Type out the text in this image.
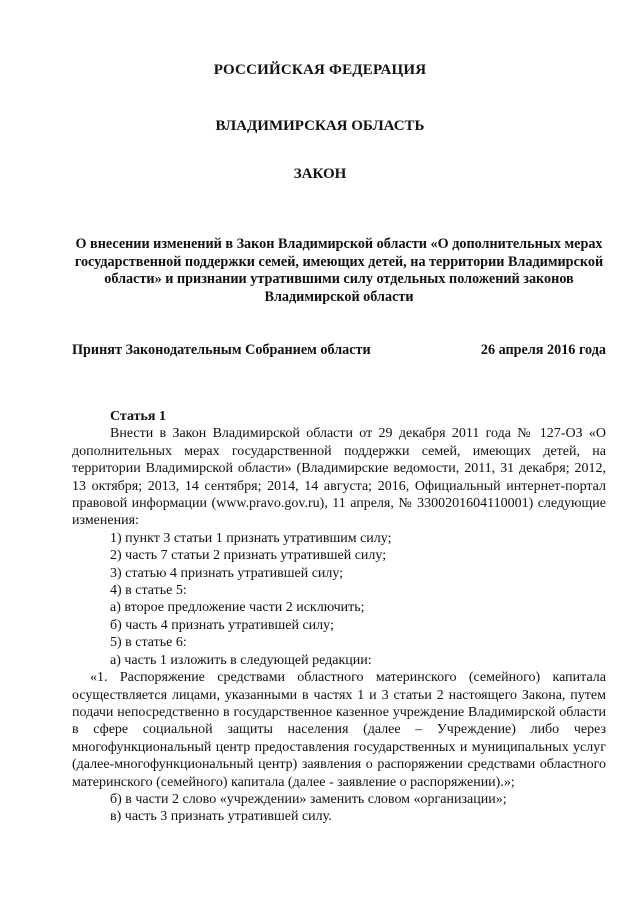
РОССИЙСКАЯ ФЕДЕРАЦИЯ
ВЛАДИМИРСКАЯ ОБЛАСТЬ
ЗАКОН
О внесении изменений в Закон Владимирской области «О дополнительных мерах государственной поддержки семей, имеющих детей, на территории Владимирской области» и признании утратившими силу отдельных положений законов Владимирской области
Принят Законодательным Собранием области	26 апреля 2016 года
Статья 1
Внести в Закон Владимирской области от 29 декабря 2011 года № 127-ОЗ «О дополнительных мерах государственной поддержки семей, имеющих детей, на территории Владимирской области» (Владимирские ведомости, 2011, 31 декабря; 2012, 13 октября; 2013, 14 сентября; 2014, 14 августа; 2016, Официальный интернет-портал правовой информации (www.pravo.gov.ru), 11 апреля, № 3300201604110001) следующие изменения:
1) пункт 3 статьи 1 признать утратившим силу;
2) часть 7 статьи 2 признать утратившей силу;
3) статью 4 признать утратившей силу;
4) в статье 5:
а) второе предложение части 2 исключить;
б) часть 4 признать утратившей силу;
5) в статье 6:
а) часть 1 изложить в следующей редакции:
«1. Распоряжение средствами областного материнского (семейного) капитала осуществляется лицами, указанными в частях 1 и 3 статьи 2 настоящего Закона, путем подачи непосредственно в государственное казенное учреждение Владимирской области в сфере социальной защиты населения (далее – Учреждение) либо через многофункциональный центр предоставления государственных и муниципальных услуг (далее-многофункциональный центр) заявления о распоряжении средствами областного материнского (семейного) капитала (далее - заявление о распоряжении).»;
б) в части 2 слово «учреждении» заменить словом «организации»;
в) часть 3 признать утратившей силу.
